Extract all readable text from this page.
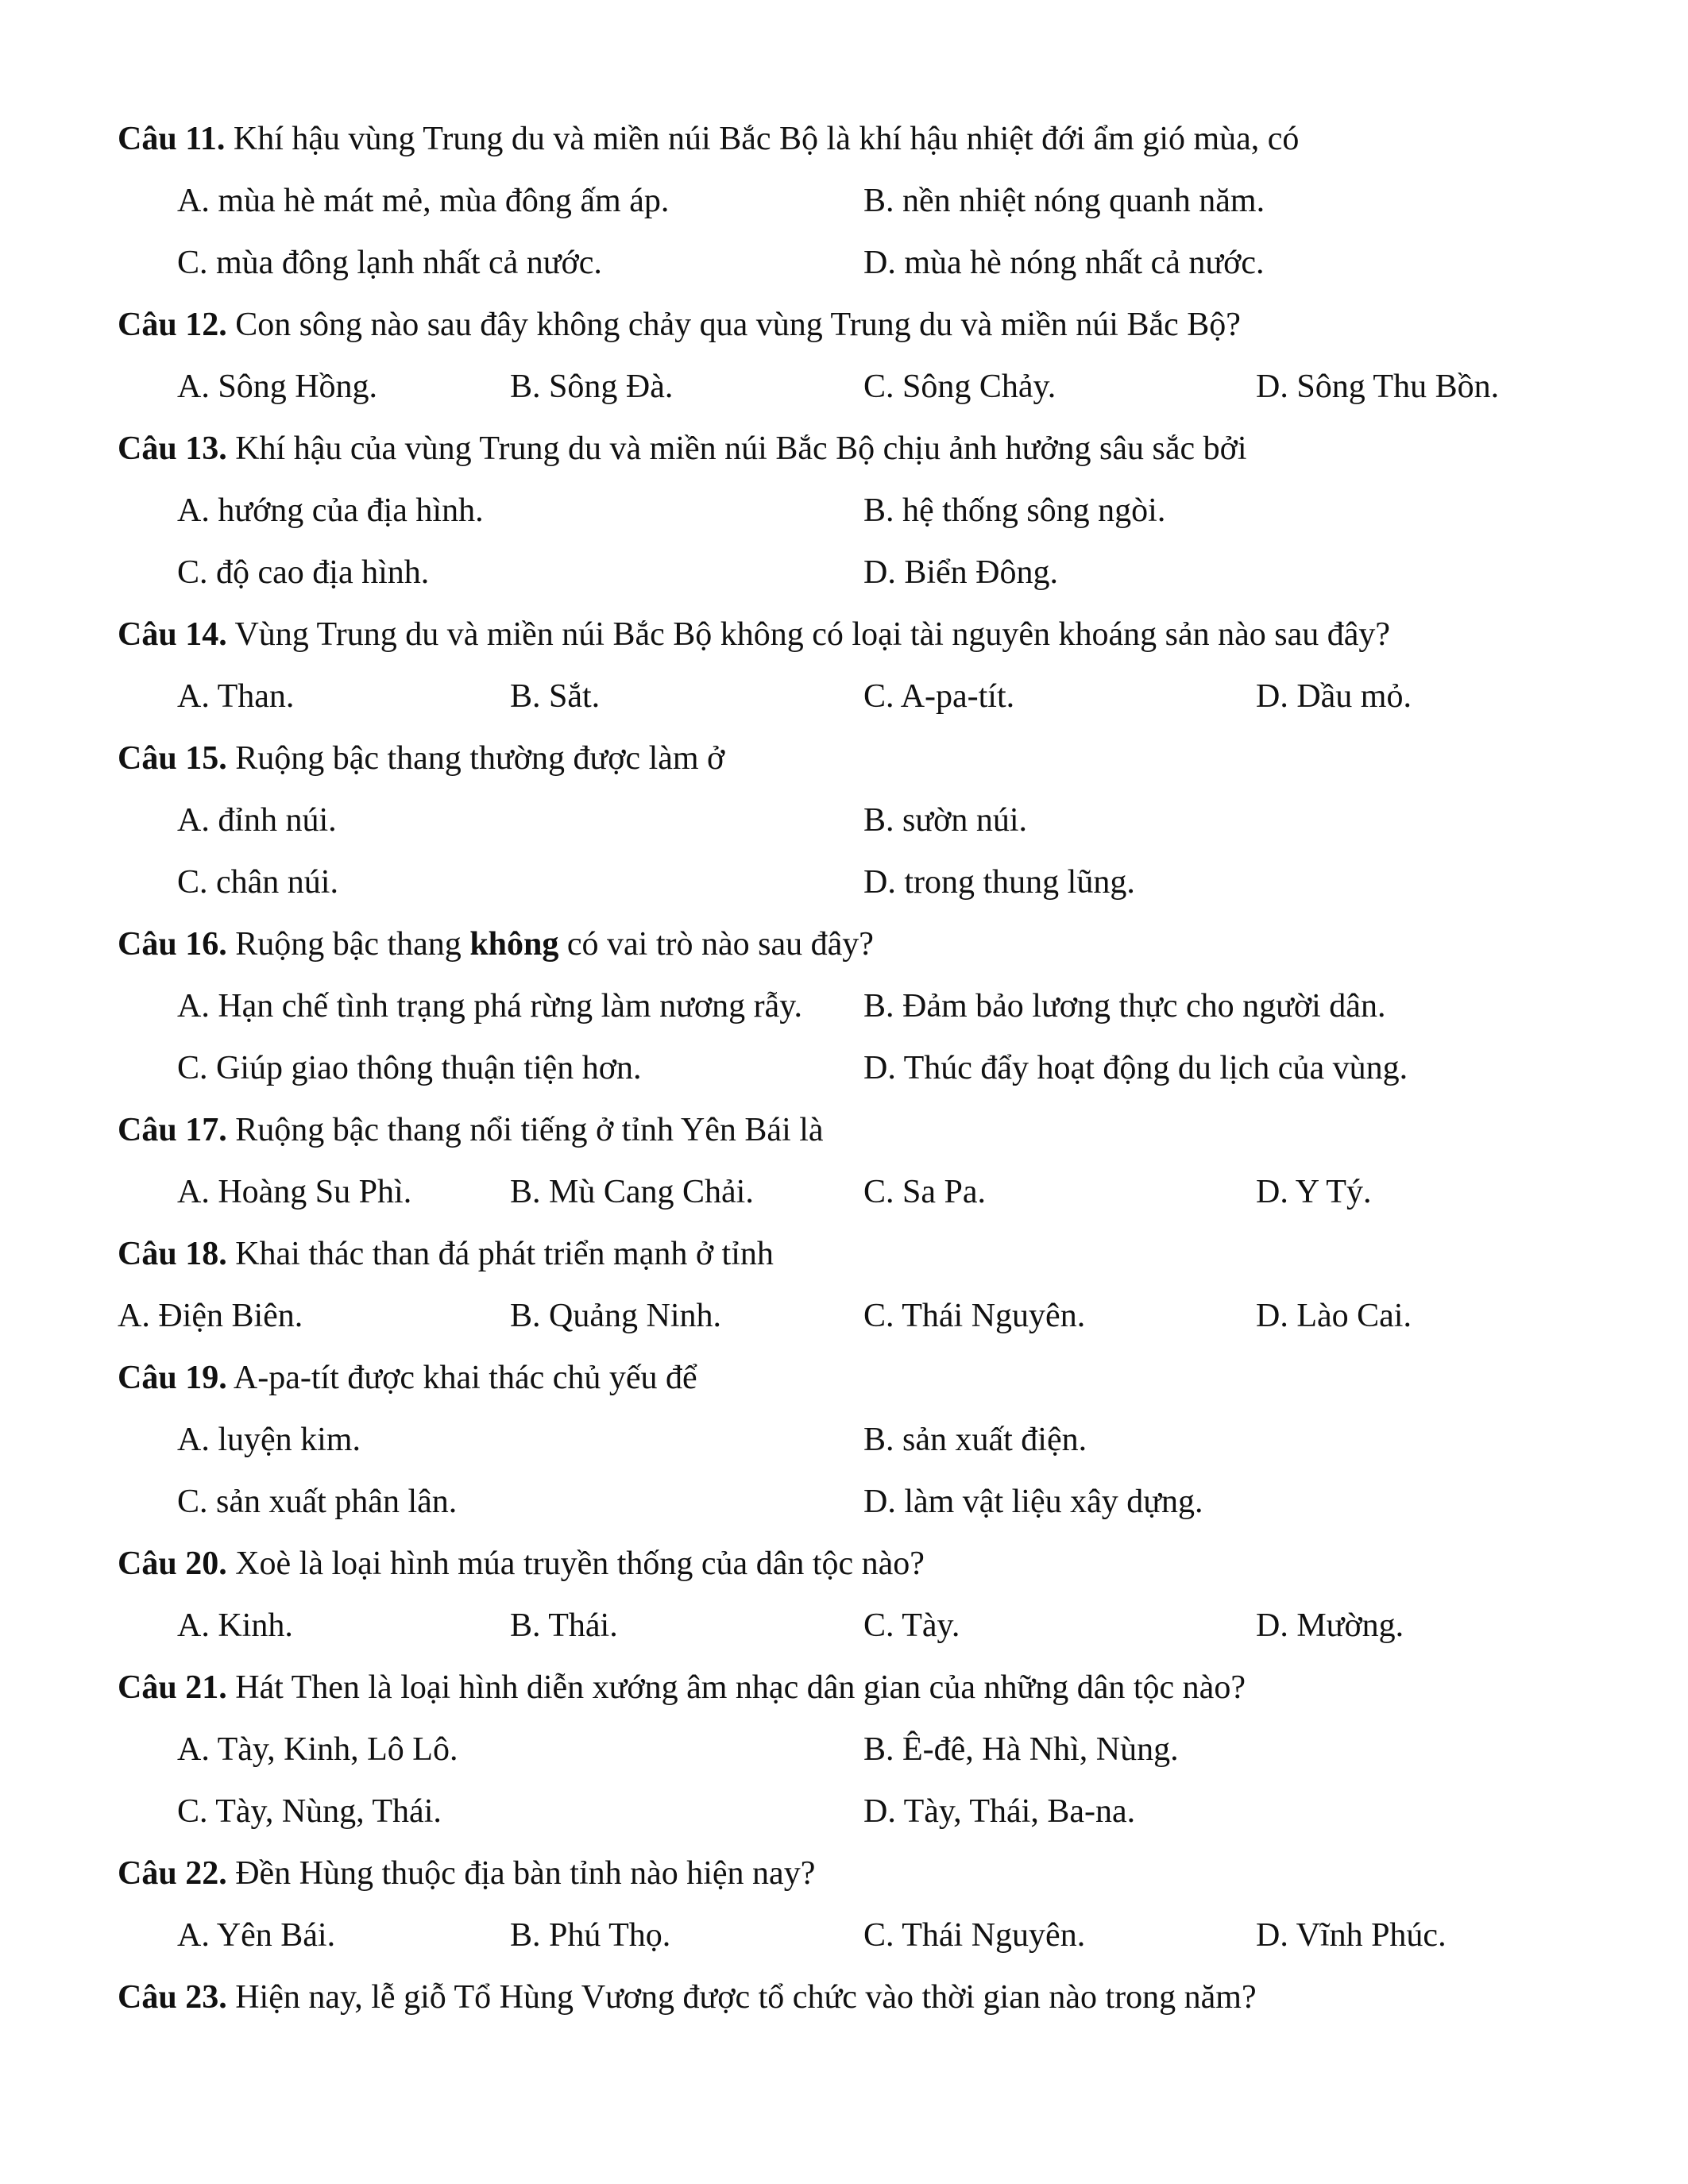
Câu 11. Khí hậu vùng Trung du và miền núi Bắc Bộ là khí hậu nhiệt đới ẩm gió mùa, có
A. mùa hè mát mẻ, mùa đông ấm áp.	B. nền nhiệt nóng quanh năm.
C. mùa đông lạnh nhất cả nước.	D. mùa hè nóng nhất cả nước.
Câu 12. Con sông nào sau đây không chảy qua vùng Trung du và miền núi Bắc Bộ?
A. Sông Hồng.	B. Sông Đà.	C. Sông Chảy.	D. Sông Thu Bồn.
Câu 13. Khí hậu của vùng Trung du và miền núi Bắc Bộ chịu ảnh hưởng sâu sắc bởi
A. hướng của địa hình.	B. hệ thống sông ngòi.
C. độ cao địa hình.	D. Biển Đông.
Câu 14. Vùng Trung du và miền núi Bắc Bộ không có loại tài nguyên khoáng sản nào sau đây?
A. Than.	B. Sắt.	C. A-pa-tít.	D. Dầu mỏ.
Câu 15. Ruộng bậc thang thường được làm ở
A. đỉnh núi.	B. sườn núi.
C. chân núi.	D. trong thung lũng.
Câu 16. Ruộng bậc thang không có vai trò nào sau đây?
A. Hạn chế tình trạng phá rừng làm nương rẫy. B. Đảm bảo lương thực cho người dân.
C. Giúp giao thông thuận tiện hơn.	D. Thúc đẩy hoạt động du lịch của vùng.
Câu 17. Ruộng bậc thang nổi tiếng ở tỉnh Yên Bái là
A. Hoàng Su Phì.	B. Mù Cang Chải.	C. Sa Pa.	D. Y Tý.
Câu 18. Khai thác than đá phát triển mạnh ở tỉnh
A. Điện Biên.	B. Quảng Ninh.	C. Thái Nguyên.	D. Lào Cai.
Câu 19. A-pa-tít được khai thác chủ yếu để
A. luyện kim.	B. sản xuất điện.
C. sản xuất phân lân.	D. làm vật liệu xây dựng.
Câu 20. Xoè là loại hình múa truyền thống của dân tộc nào?
A. Kinh.	B. Thái.	C. Tày.	D. Mường.
Câu 21. Hát Then là loại hình diễn xướng âm nhạc dân gian của những dân tộc nào?
A. Tày, Kinh, Lô Lô.	B. Ê-đê, Hà Nhì, Nùng.
C. Tày, Nùng, Thái.	D. Tày, Thái, Ba-na.
Câu 22. Đền Hùng thuộc địa bàn tỉnh nào hiện nay?
A. Yên Bái.	B. Phú Thọ.	C. Thái Nguyên.	D. Vĩnh Phúc.
Câu 23. Hiện nay, lễ giỗ Tổ Hùng Vương được tổ chức vào thời gian nào trong năm?
